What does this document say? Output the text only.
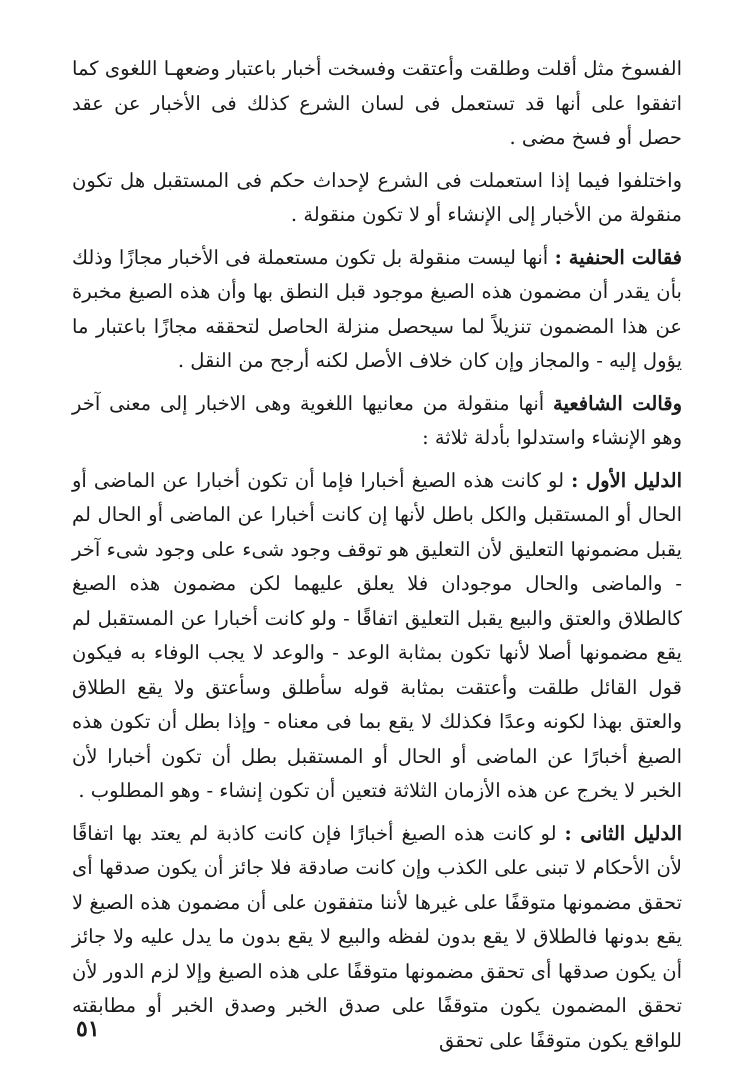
الفسوخ مثل أقلت وطلقت وأعتقت وفسخت أخبار باعتبار وضعهـا اللغوى كما اتفقوا على أنها قد تستعمل فى لسان الشرع كذلك فى الأخبار عن عقد حصل أو فسخ مضى .

واختلفوا فيما إذا استعملت فى الشرع لإحداث حكم فى المستقبل هل تكون منقولة من الأخبار إلى الإنشاء أو لا تكون منقولة .

فقالت الحنفية : أنها ليست منقولة بل تكون مستعملة فى الأخبار مجازًا وذلك بأن يقدر أن مضمون هذه الصيغ موجود قبل النطق بها وأن هذه الصيغ مخبرة عن هذا المضمون تنزيلاً لما سيحصل منزلة الحاصل لتحققه مجازًا باعتبار ما يؤول إليه - والمجاز وإن كان خلاف الأصل لكنه أرجح من النقل .

وقالت الشافعية أنها منقولة من معانيها اللغوية وهى الاخبار إلى معنى آخر وهو الإنشاء واستدلوا بأدلة ثلاثة :

الدليل الأول : لو كانت هذه الصيغ أخبارا فإما أن تكون أخبارا عن الماضى أو الحال أو المستقبل والكل باطل لأنها إن كانت أخبارا عن الماضى أو الحال لم يقبل مضمونها التعليق لأن التعليق هو توقف وجود شىء على وجود شىء آخر - والماضى والحال موجودان فلا يعلق عليهما لكن مضمون هذه الصيغ كالطلاق والعتق والبيع يقبل التعليق اتفاقًا - ولو كانت أخبارا عن المستقبل لم يقع مضمونها أصلا لأنها تكون بمثابة الوعد - والوعد لا يجب الوفاء به فيكون قول القائل طلقت وأعتقت بمثابة قوله سأطلق وسأعتق ولا يقع الطلاق والعتق بهذا لكونه وعدًا فكذلك لا يقع بما فى معناه - وإذا بطل أن تكون هذه الصيغ أخبارًا عن الماضى أو الحال أو المستقبل بطل أن تكون أخبارا لأن الخبر لا يخرج عن هذه الأزمان الثلاثة فتعين أن تكون إنشاء - وهو المطلوب .

الدليل الثانى : لو كانت هذه الصيغ أخبارًا فإن كانت كاذبة لم يعتد بها اتفاقًا لأن الأحكام لا تبنى على الكذب وإن كانت صادقة فلا جائز أن يكون صدقها أى تحقق مضمونها متوقفًا على غيرها لأننا متفقون على أن مضمون هذه الصيغ لا يقع بدونها فالطلاق لا يقع بدون لفظه والبيع لا يقع بدون ما يدل عليه ولا جائز أن يكون صدقها أى تحقق مضمونها متوقفًا على هذه الصيغ وإلا لزم الدور لأن تحقق المضمون يكون متوقفًا على صدق الخبر وصدق الخبر أو مطابقته للواقع يكون متوقفًا على تحقق

٥١
